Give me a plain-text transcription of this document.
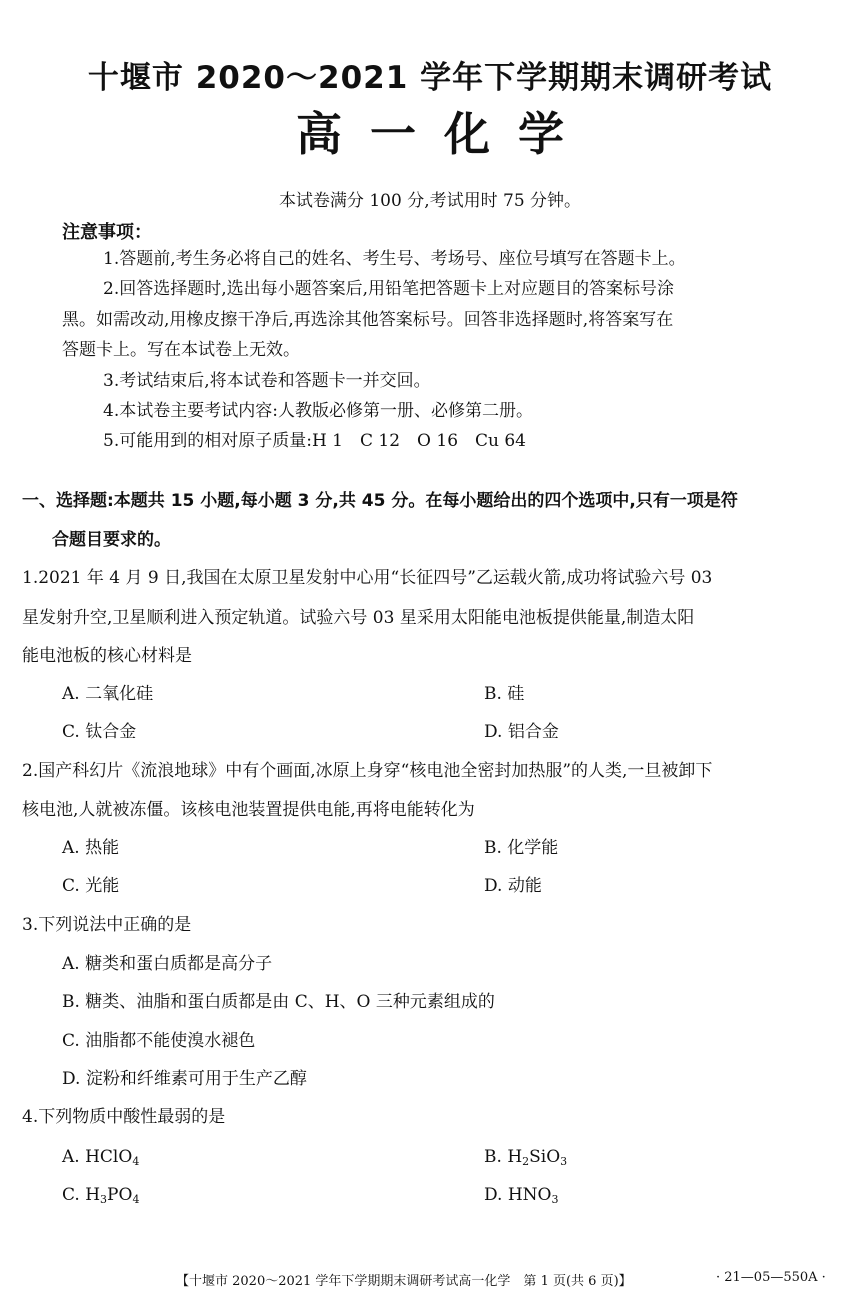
十堰市 2020～2021 学年下学期期末调研考试
高一化学
本试卷满分 100 分,考试用时 75 分钟。
注意事项：
1.答题前,考生务必将自己的姓名、考生号、考场号、座位号填写在答题卡上。
2.回答选择题时,选出每小题答案后,用铅笔把答题卡上对应题目的答案标号涂
黑。如需改动,用橡皮擦干净后,再选涂其他答案标号。回答非选择题时,将答案写在
答题卡上。写在本试卷上无效。
3.考试结束后,将本试卷和答题卡一并交回。
4.本试卷主要考试内容:人教版必修第一册、必修第二册。
5.可能用到的相对原子质量:H 1　C 12　O 16　Cu 64
一、选择题:本题共 15 小题,每小题 3 分,共 45 分。在每小题给出的四个选项中,只有一项是符
合题目要求的。
1.2021 年 4 月 9 日,我国在太原卫星发射中心用“长征四号”乙运载火箭,成功将试验六号 03
星发射升空,卫星顺利进入预定轨道。试验六号 03 星采用太阳能电池板提供能量,制造太阳
能电池板的核心材料是
A. 二氧化硅	B. 硅
C. 钛合金	D. 铝合金
2.国产科幻片《流浪地球》中有个画面,冰原上身穿“核电池全密封加热服”的人类,一旦被卸下
核电池,人就被冻僵。该核电池装置提供电能,再将电能转化为
A. 热能	B. 化学能
C. 光能	D. 动能
3.下列说法中正确的是
A. 糖类和蛋白质都是高分子
B. 糖类、油脂和蛋白质都是由 C、H、O 三种元素组成的
C. 油脂都不能使溴水褪色
D. 淀粉和纤维素可用于生产乙醇
4.下列物质中酸性最弱的是
A. HClO$_4$	B. $H_2SiO_3$
C. $H_3PO_4$	D. $HNO_3$
【十堰市 2020～2021 学年下学期期末调研考试高一化学　第 1 页(共 6 页)】	· 21—05—550A ·
